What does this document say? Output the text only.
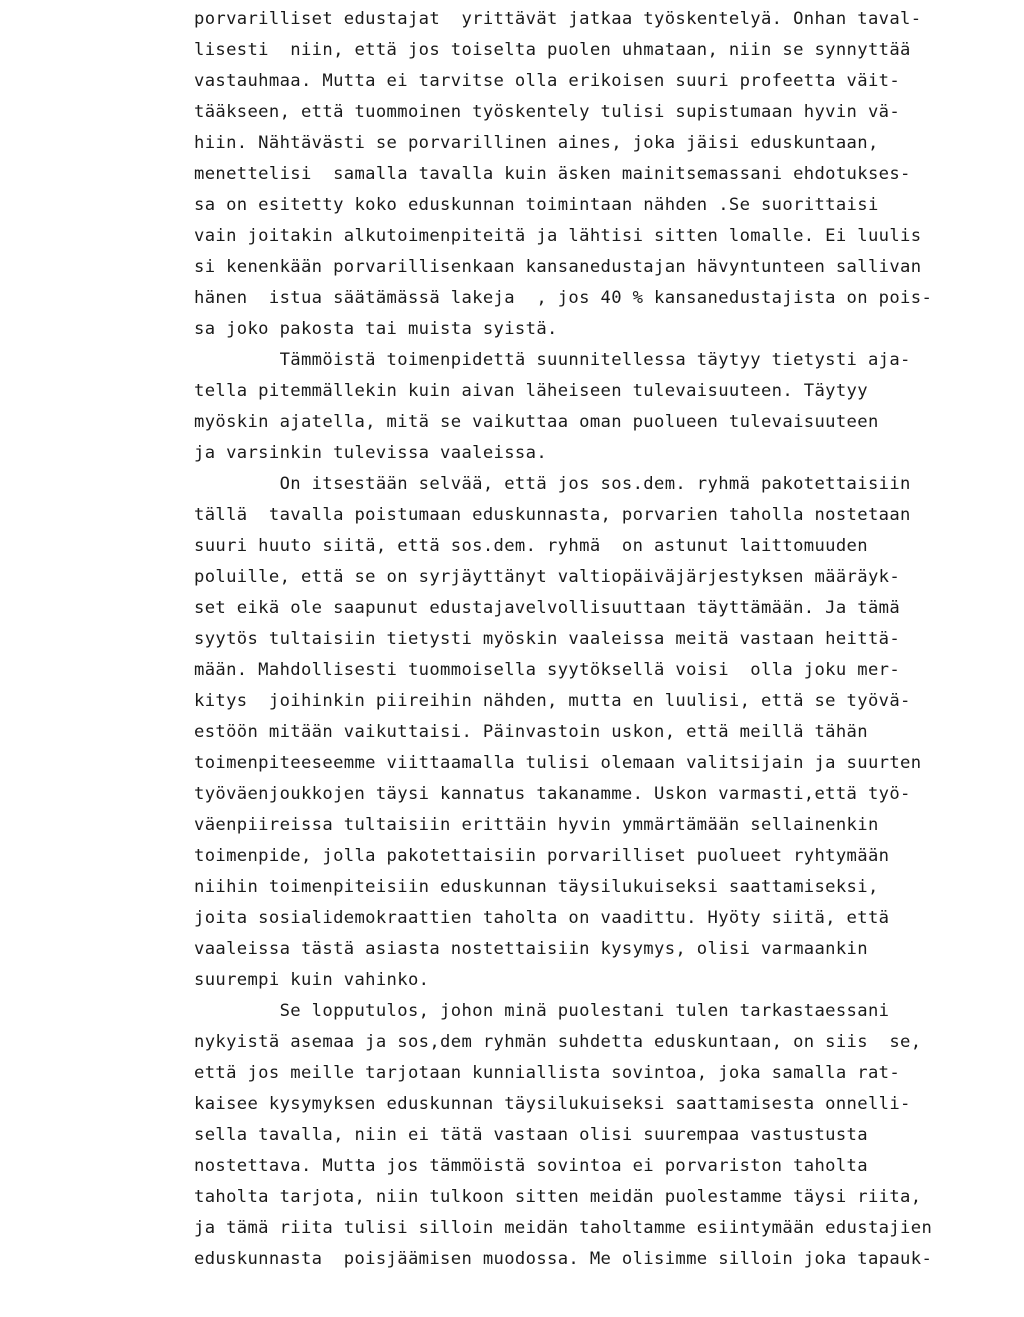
porvarilliset edustajat  yrittävät jatkaa työskentelyä. Onhan taval-
lisesti  niin, että jos toiselta puolen uhmataan, niin se synnyttää
vastauhmaa. Mutta ei tarvitse olla erikoisen suuri profeetta väit-
tääkseen, että tuommoinen työskentely tulisi supistumaan hyvin vä-
hiin. Nähtävästi se porvarillinen aines, joka jäisi eduskuntaan,
menettelisi  samalla tavalla kuin äsken mainitsemassani ehdotukses-
sa on esitetty koko eduskunnan toimintaan nähden .Se suorittaisi
vain joitakin alkutoimenpiteitä ja lähtisi sitten lomalle. Ei luulis
si kenenkään porvarillisenkaan kansanedustajan hävyntunteen sallivan
hänen  istua säätämässä lakeja  , jos 40 % kansanedustajista on pois-
sa joko pakosta tai muista syistä.
Tämmöistä toimenpidettä suunnitellessa täytyy tietysti aja-
tella pitemmällekin kuin aivan läheiseen tulevaisuuteen. Täytyy
myöskin ajatella, mitä se vaikuttaa oman puolueen tulevaisuuteen
ja varsinkin tulevissa vaaleissa.
On itsestään selvää, että jos sos.dem. ryhmä pakotettaisiin
tällä  tavalla poistumaan eduskunnasta, porvarien taholla nostetaan
suuri huuto siitä, että sos.dem. ryhmä  on astunut laittomuuden
poluille, että se on syrjäyttänyt valtiopäiväjärjestyksen määräyk-
set eikä ole saapunut edustajavelvollisuuttaan täyttämään. Ja tämä
syytös tultaisiin tietysti myöskin vaaleissa meitä vastaan heittä-
mään. Mahdollisesti tuommoisella syytöksellä voisi  olla joku mer-
kitys  joihinkin piireihin nähden, mutta en luulisi, että se työvä-
estöön mitään vaikuttaisi. Päinvastoin uskon, että meillä tähän
toimenpiteeseemme viittaamalla tulisi olemaan valitsijain ja suurten
työväenjoukkojen täysi kannatus takanamme. Uskon varmasti,että työ-
väenpiireissa tultaisiin erittäin hyvin ymmärtämään sellainenkin
toimenpide, jolla pakotettaisiin porvarilliset puolueet ryhtymään
niihin toimenpiteisiin eduskunnan täysilukuiseksi saattamiseksi,
joita sosialidemokraattien taholta on vaadittu. Hyöty siitä, että
vaaleissa tästä asiasta nostettaisiin kysymys, olisi varmaankin
suurempi kuin vahinko.
Se lopputulos, johon minä puolestani tulen tarkastaessani
nykyistä asemaa ja sos,dem ryhmän suhdetta eduskuntaan, on siis  se,
että jos meille tarjotaan kunniallista sovintoa, joka samalla rat-
kaisee kysymyksen eduskunnan täysilukuiseksi saattamisesta onnelli-
sella tavalla, niin ei tätä vastaan olisi suurempaa vastustusta
nostettava. Mutta jos tämmöistä sovintoa ei porvariston taholta
taholta tarjota, niin tulkoon sitten meidän puolestamme täysi riita,
ja tämä riita tulisi silloin meidän taholtamme esiintymään edustajien
eduskunnasta  poisjäämisen muodossa. Me olisimme silloin joka tapauk-
